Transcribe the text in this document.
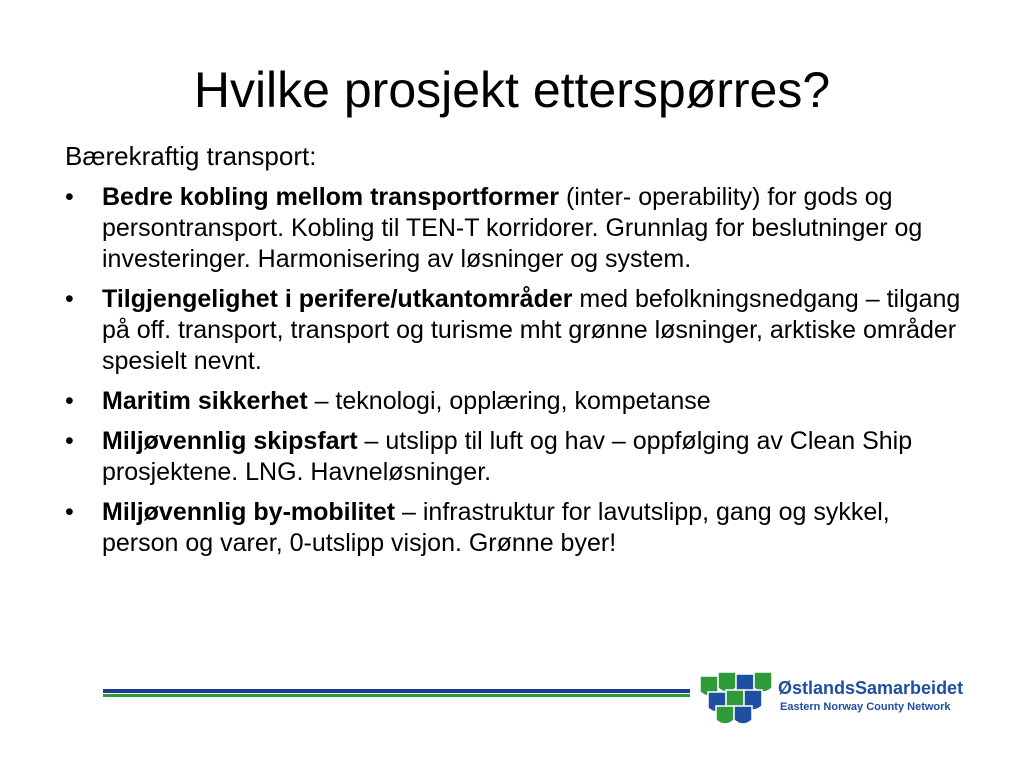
Hvilke prosjekt etterspørres?

Bærekraftig transport:

•	Bedre kobling mellom transportformer (inter- operability) for gods og persontransport. Kobling til TEN-T korridorer. Grunnlag for beslutninger og investeringer. Harmonisering av løsninger og system.
•	Tilgjengelighet i perifere/utkantområder med befolkningsnedgang – tilgang på off. transport, transport og turisme mht grønne løsninger, arktiske områder spesielt nevnt.
•	Maritim sikkerhet – teknologi, opplæring, kompetanse
•	Miljøvennlig skipsfart – utslipp til luft og hav – oppfølging av Clean Ship prosjektene. LNG. Havneløsninger.
•	Miljøvennlig by-mobilitet – infrastruktur for lavutslipp, gang og sykkel, person og varer, 0-utslipp visjon. Grønne byer!
ØstlandsSamarbeidet
Eastern Norway County Network
